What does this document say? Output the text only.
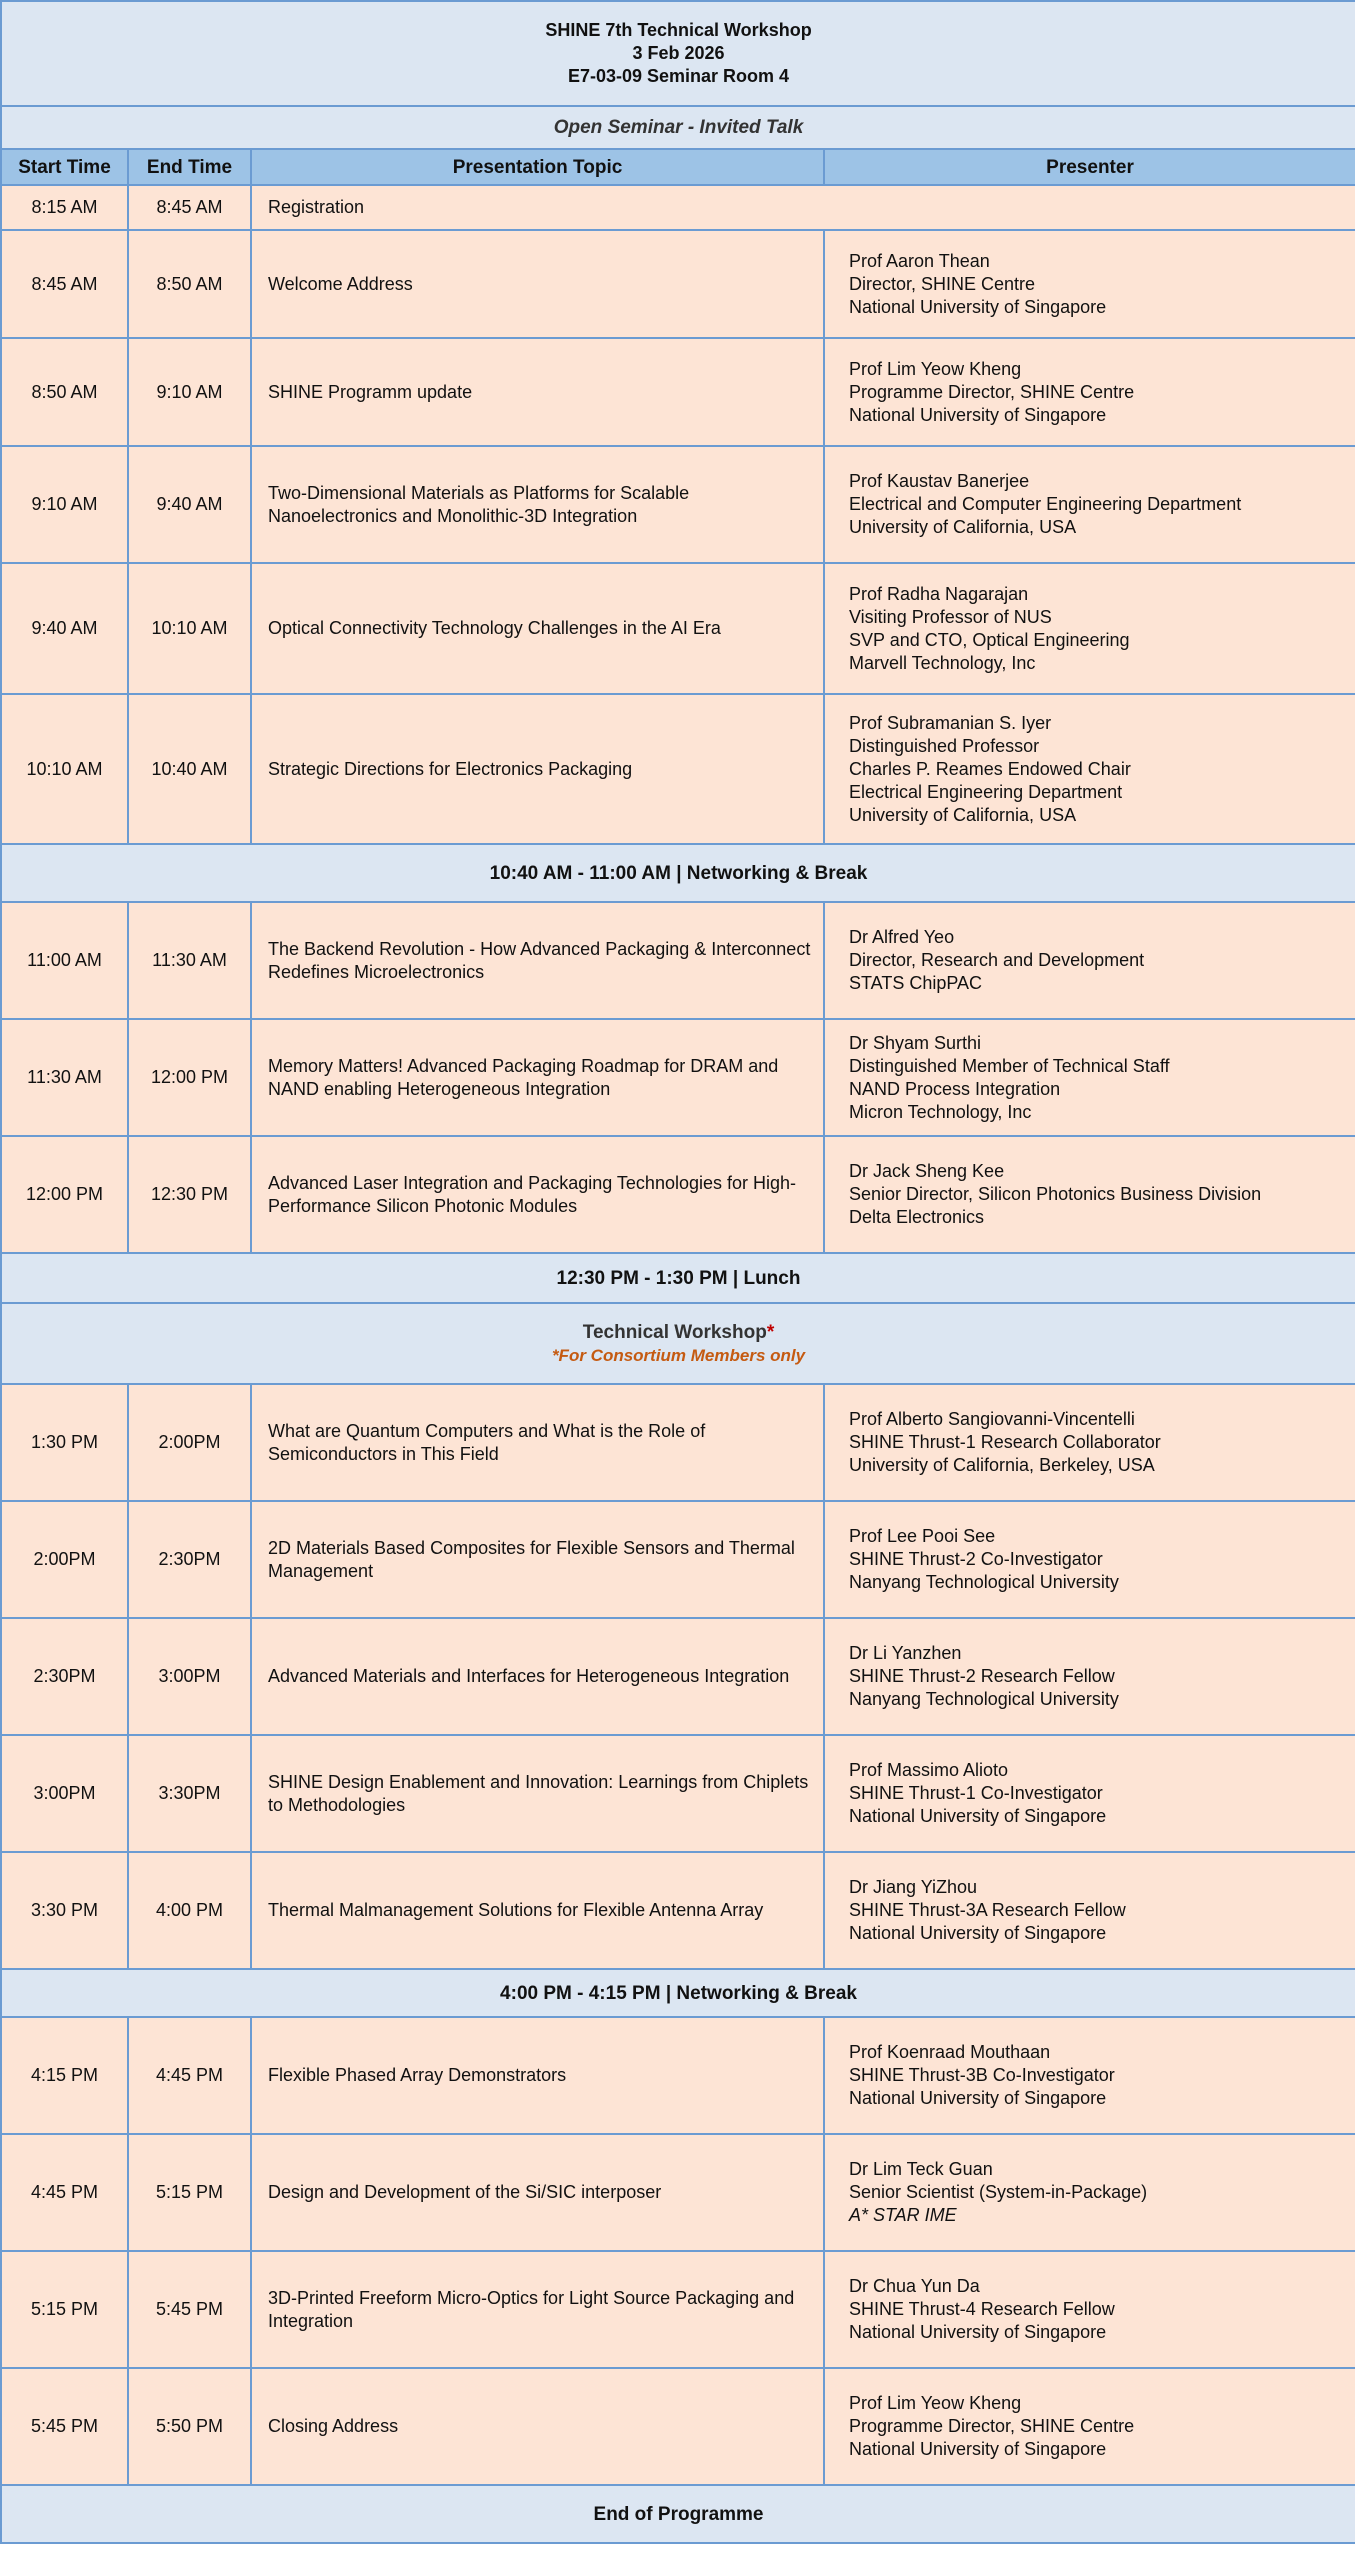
SHINE 7th Technical Workshop
3 Feb 2026
E7-03-09 Seminar Room 4			

Open Seminar - Invited Talk			
Start Time	End Time	Presentation Topic	Presenter
8:15 AM	8:45 AM	Registration	
8:45 AM	8:50 AM	Welcome Address	Prof Aaron Thean
Director, SHINE Centre
National University of Singapore

8:50 AM	9:10 AM	SHINE Programm update	Prof Lim Yeow Kheng
Programme Director, SHINE Centre
National University of Singapore

9:10 AM	9:40 AM	Two-Dimensional Materials as Platforms for Scalable Nanoelectronics and Monolithic-3D Integration	Prof Kaustav Banerjee
Electrical and Computer Engineering Department
University of California, USA

9:40 AM	10:10 AM	Optical Connectivity Technology Challenges in the AI Era	Prof Radha Nagarajan
Visiting Professor of NUS
SVP and CTO, Optical Engineering
Marvell Technology, Inc

10:10 AM	10:40 AM	Strategic Directions for Electronics Packaging	Prof Subramanian S. Iyer
Distinguished Professor
Charles P. Reames Endowed Chair
Electrical Engineering Department
University of California, USA

10:40 AM - 11:00 AM | Networking & Break			
11:00 AM	11:30 AM	The Backend Revolution - How Advanced Packaging & Interconnect Redefines Microelectronics	Dr Alfred Yeo
Director, Research and Development
STATS ChipPAC

11:30 AM	12:00 PM	Memory Matters! Advanced Packaging Roadmap for DRAM and NAND enabling Heterogeneous Integration	Dr Shyam Surthi
Distinguished Member of Technical Staff
NAND Process Integration
Micron Technology, Inc

12:00 PM	12:30 PM	Advanced Laser Integration and Packaging Technologies for High-Performance Silicon Photonic Modules	Dr Jack Sheng Kee
Senior Director, Silicon Photonics Business Division
Delta Electronics

12:30 PM - 1:30 PM | Lunch			

Technical Workshop*
*For Consortium Members only			

1:30 PM	2:00PM	What are Quantum Computers and What is the Role of Semiconductors in This Field	Prof Alberto Sangiovanni-Vincentelli
SHINE Thrust-1 Research Collaborator
University of California, Berkeley, USA

2:00PM	2:30PM	2D Materials Based Composites for Flexible Sensors and Thermal Management	Prof Lee Pooi See
SHINE Thrust-2 Co-Investigator
Nanyang Technological University

2:30PM	3:00PM	Advanced Materials and Interfaces for Heterogeneous Integration	Dr Li Yanzhen
SHINE Thrust-2 Research Fellow
Nanyang Technological University

3:00PM	3:30PM	SHINE Design Enablement and Innovation: Learnings from Chiplets to Methodologies	Prof Massimo Alioto
SHINE Thrust-1 Co-Investigator
National University of Singapore

3:30 PM	4:00 PM	Thermal Malmanagement Solutions for Flexible Antenna Array	Dr Jiang YiZhou
SHINE Thrust-3A Research Fellow
National University of Singapore

4:00 PM - 4:15 PM | Networking & Break			
4:15 PM	4:45 PM	Flexible Phased Array Demonstrators	Prof Koenraad Mouthaan
SHINE Thrust-3B Co-Investigator
National University of Singapore

4:45 PM	5:15 PM	Design and Development of the Si/SIC interposer	Dr Lim Teck Guan
Senior Scientist (System-in-Package)
A* STAR IME

5:15 PM	5:45 PM	3D-Printed Freeform Micro-Optics for Light Source Packaging and Integration	Dr Chua Yun Da
SHINE Thrust-4 Research Fellow
National University of Singapore

5:45 PM	5:50 PM	Closing Address	Prof Lim Yeow Kheng
Programme Director, SHINE Centre
National University of Singapore

End of Programme			
